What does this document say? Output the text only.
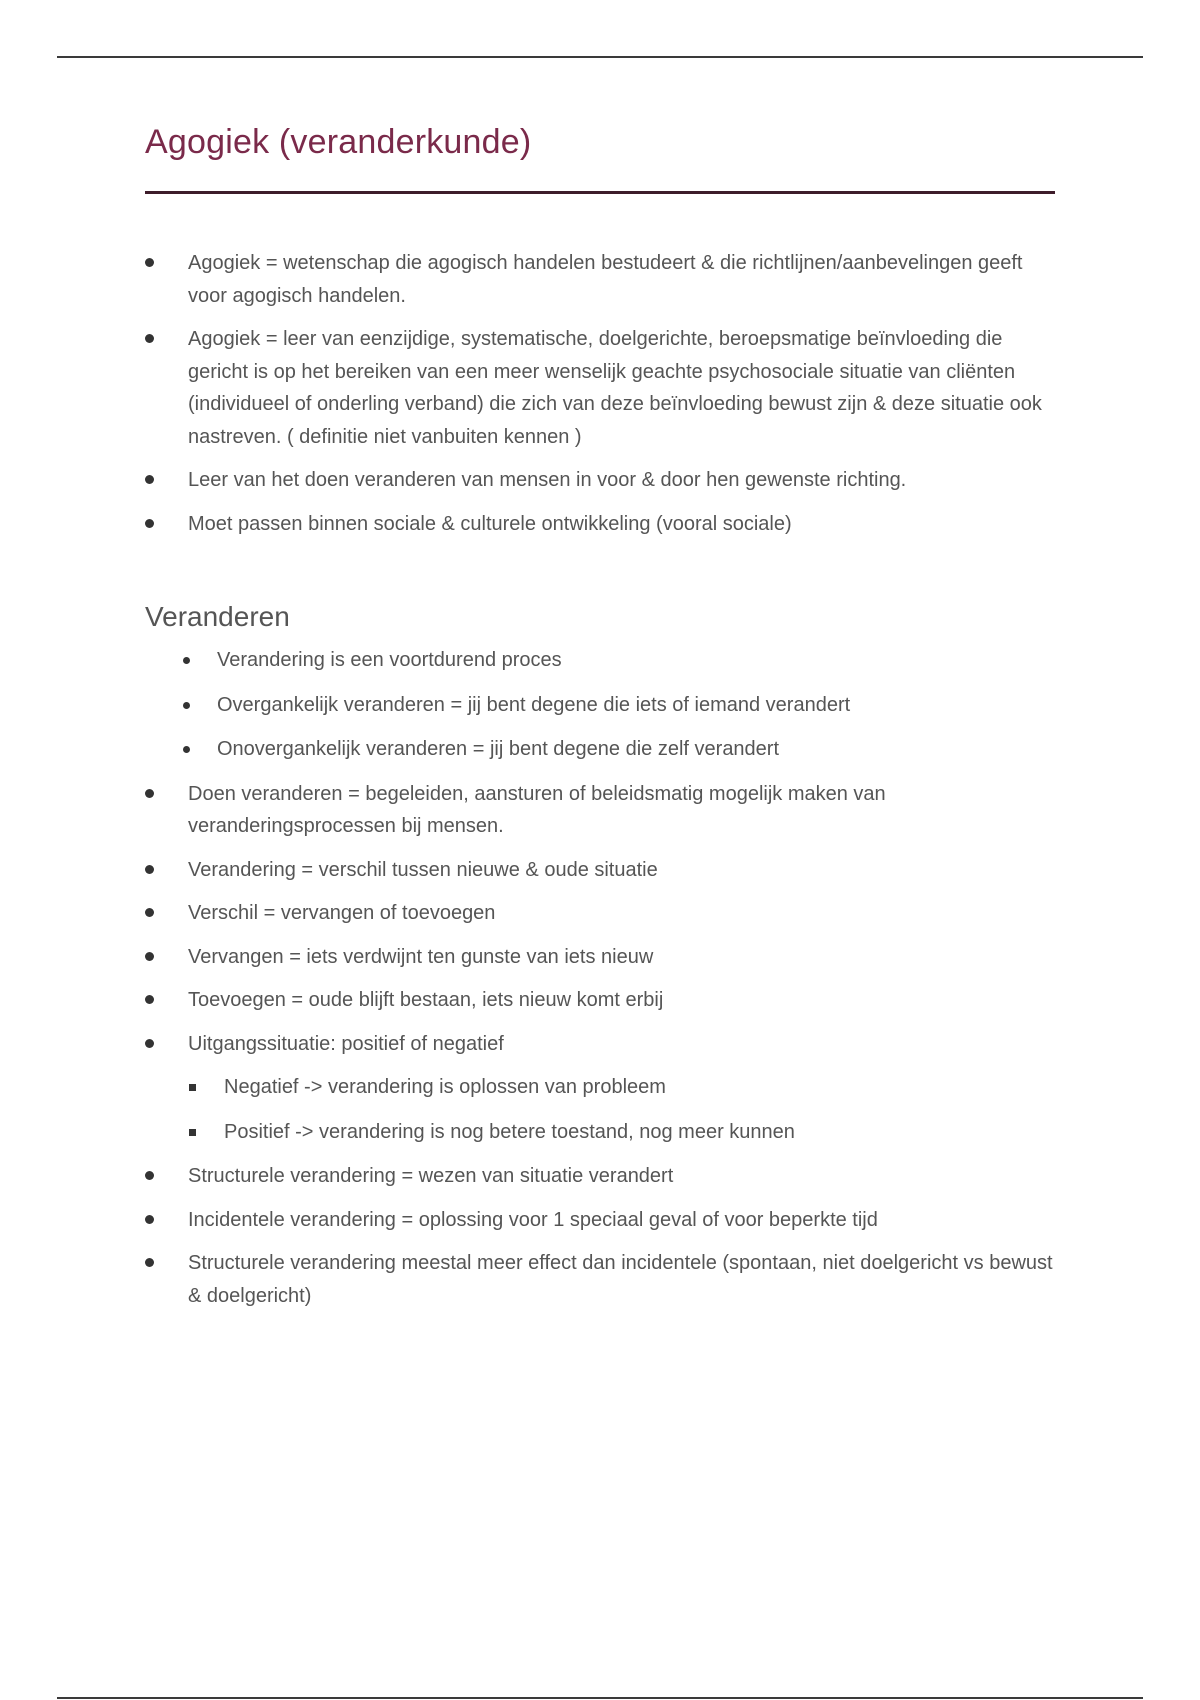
Agogiek (veranderkunde)
Agogiek = wetenschap die agogisch handelen bestudeert & die richtlijnen/aanbevelingen geeft voor agogisch handelen.
Agogiek = leer van eenzijdige, systematische, doelgerichte, beroepsmatige beïnvloeding die gericht is op het bereiken van een meer wenselijk geachte psychosociale situatie van cliënten (individueel of onderling verband) die zich van deze beïnvloeding bewust zijn & deze situatie ook nastreven. ( definitie niet vanbuiten kennen )
Leer van het doen veranderen van mensen in voor & door hen gewenste richting.
Moet passen binnen sociale & culturele ontwikkeling (vooral sociale)
Veranderen
Verandering is een voortdurend proces
Overgankelijk veranderen = jij bent degene die iets of iemand verandert
Onovergankelijk veranderen = jij bent degene die zelf verandert
Doen veranderen = begeleiden, aansturen of beleidsmatig mogelijk maken van veranderingsprocessen bij mensen.
Verandering = verschil tussen nieuwe & oude situatie
Verschil = vervangen of toevoegen
Vervangen = iets verdwijnt ten gunste van iets nieuw
Toevoegen = oude blijft bestaan, iets nieuw komt erbij
Uitgangssituatie: positief of negatief
Negatief -> verandering is oplossen van probleem
Positief -> verandering is nog betere toestand, nog meer kunnen
Structurele verandering = wezen van situatie verandert
Incidentele verandering = oplossing voor 1 speciaal geval of voor beperkte tijd
Structurele verandering meestal meer effect dan incidentele (spontaan, niet doelgericht vs bewust & doelgericht)
